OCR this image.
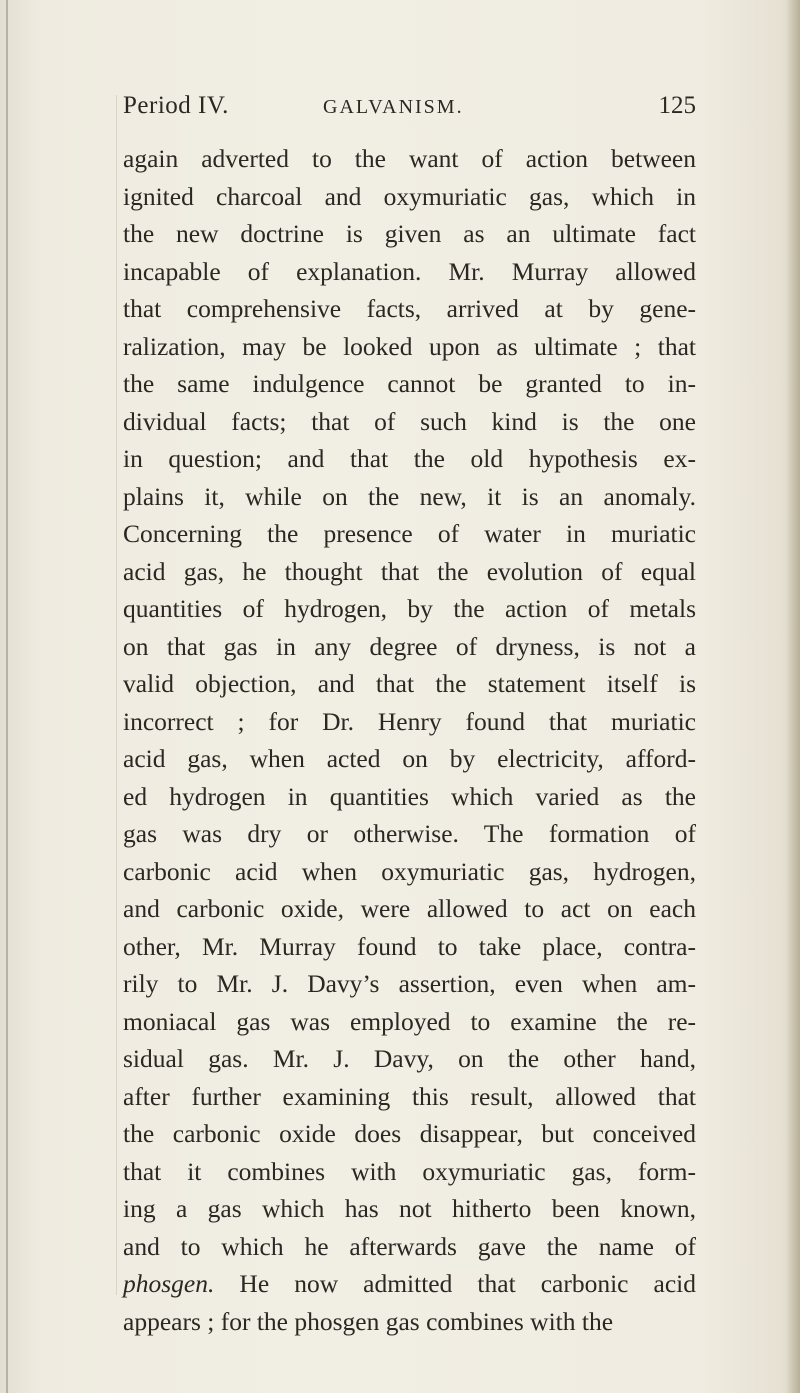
Period IV.	GALVANISM.	125
again adverted to the want of action between
ignited charcoal and oxymuriatic gas, which in
the new doctrine is given as an ultimate fact
incapable of explanation. Mr. Murray allowed
that comprehensive facts, arrived at by gene-
ralization, may be looked upon as ultimate ; that
the same indulgence cannot be granted to in-
dividual facts; that of such kind is the one
in question; and that the old hypothesis ex-
plains it, while on the new, it is an anomaly.
Concerning the presence of water in muriatic
acid gas, he thought that the evolution of equal
quantities of hydrogen, by the action of metals
on that gas in any degree of dryness, is not a
valid objection, and that the statement itself is
incorrect ; for Dr. Henry found that muriatic
acid gas, when acted on by electricity, afford-
ed hydrogen in quantities which varied as the
gas was dry or otherwise. The formation of
carbonic acid when oxymuriatic gas, hydrogen,
and carbonic oxide, were allowed to act on each
other, Mr. Murray found to take place, contra-
rily to Mr. J. Davy’s assertion, even when am-
moniacal gas was employed to examine the re-
sidual gas. Mr. J. Davy, on the other hand,
after further examining this result, allowed that
the carbonic oxide does disappear, but conceived
that it combines with oxymuriatic gas, form-
ing a gas which has not hitherto been known,
and to which he afterwards gave the name of
phosgen. He now admitted that carbonic acid
appears ; for the phosgen gas combines with the
